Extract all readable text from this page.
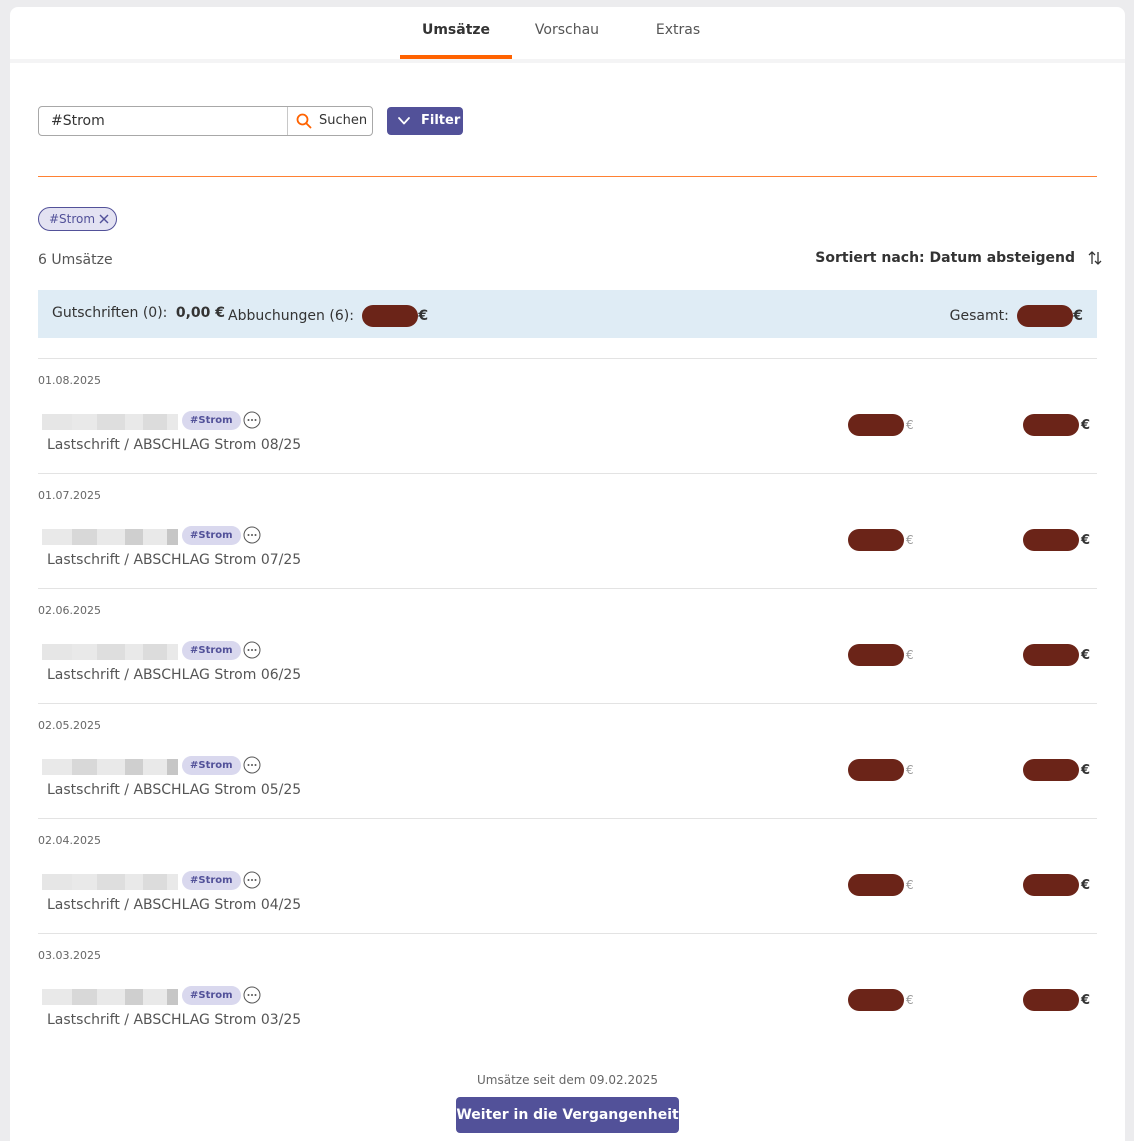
Umsätze	Vorschau	Extras
#Strom
Suchen	Filter
#Strom
6 Umsätze	Sortiert nach: Datum absteigend
Gutschriften (0): 0,00 € Abbuchungen (6):	€	Gesamt:	€
01.08.2025
#Strom
Lastschrift / ABSCHLAG Strom 08/25
€	€
01.07.2025
#Strom
Lastschrift / ABSCHLAG Strom 07/25
€	€
02.06.2025
#Strom
Lastschrift / ABSCHLAG Strom 06/25
€	€
02.05.2025
#Strom
Lastschrift / ABSCHLAG Strom 05/25
€	€
02.04.2025
#Strom
Lastschrift / ABSCHLAG Strom 04/25
€	€
03.03.2025
#Strom
Lastschrift / ABSCHLAG Strom 03/25
€	€
Umsätze seit dem 09.02.2025
Weiter in die Vergangenheit
